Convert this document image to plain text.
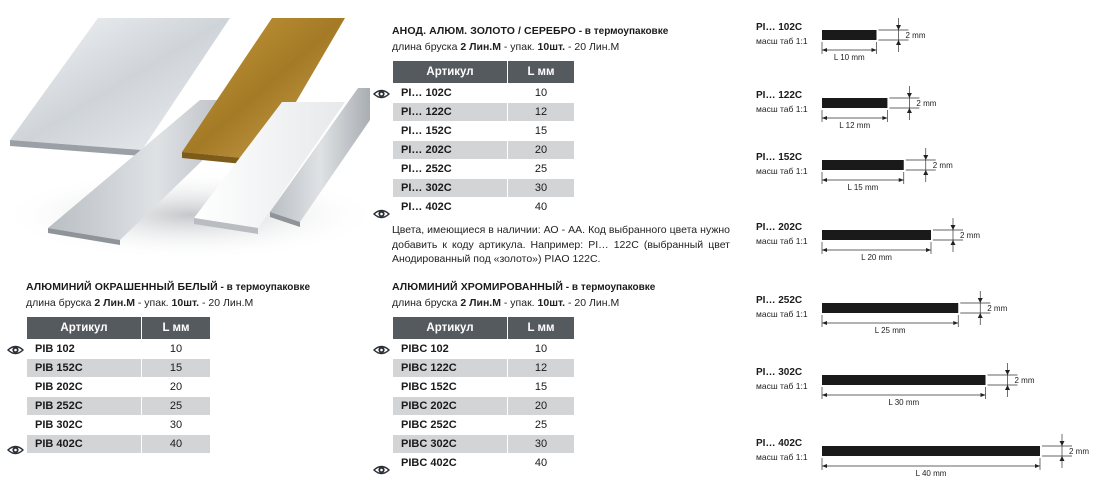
АНОД. АЛЮМ. ЗОЛОТО / СЕРЕБРО - в термоупаковке
длина бруска 2 Лин.М - упак. 10шт. - 20 Лин.М
Артикул	L мм
PI… 102C	10
PI… 122C	12
PI… 152C	15
PI… 202C	20
PI… 252C	25
PI… 302C	30
PI… 402C	40
Цвета, имеющиеся в наличии: АО - АА. Код выбранного цвета нужно добавить к коду артикула. Например: PI… 122C (выбранный цвет Анодированный под «золото») PIAO 122C.
АЛЮМИНИЙ ОКРАШЕННЫЙ БЕЛЫЙ - в термоупаковке
длина бруска 2 Лин.М - упак. 10шт. - 20 Лин.М
Артикул	L мм
PIB 102	10
PIB 152C	15
PIB 202C	20
PIB 252C	25
PIB 302C	30
PIB 402C	40
АЛЮМИНИЙ ХРОМИРОВАННЫЙ - в термоупаковке
длина бруска 2 Лин.М - упак. 10шт. - 20 Лин.М
Артикул	L мм
PIBC 102	10
PIBC 122C	12
PIBC 152C	15
PIBC 202C	20
PIBC 252C	25
PIBC 302C	30
PIBC 402C	40
PI… 102C
масш таб 1:1
2 mm
L 10 mm
PI… 122C
масш таб 1:1
2 mm
L 12 mm
PI… 152C
масш таб 1:1
2 mm
L 15 mm
PI… 202C
масш таб 1:1
2 mm
L 20 mm
PI… 252C
масш таб 1:1
2 mm
L 25 mm
PI… 302C
масш таб 1:1
2 mm
L 30 mm
PI… 402C
масш таб 1:1
2 mm
L 40 mm
